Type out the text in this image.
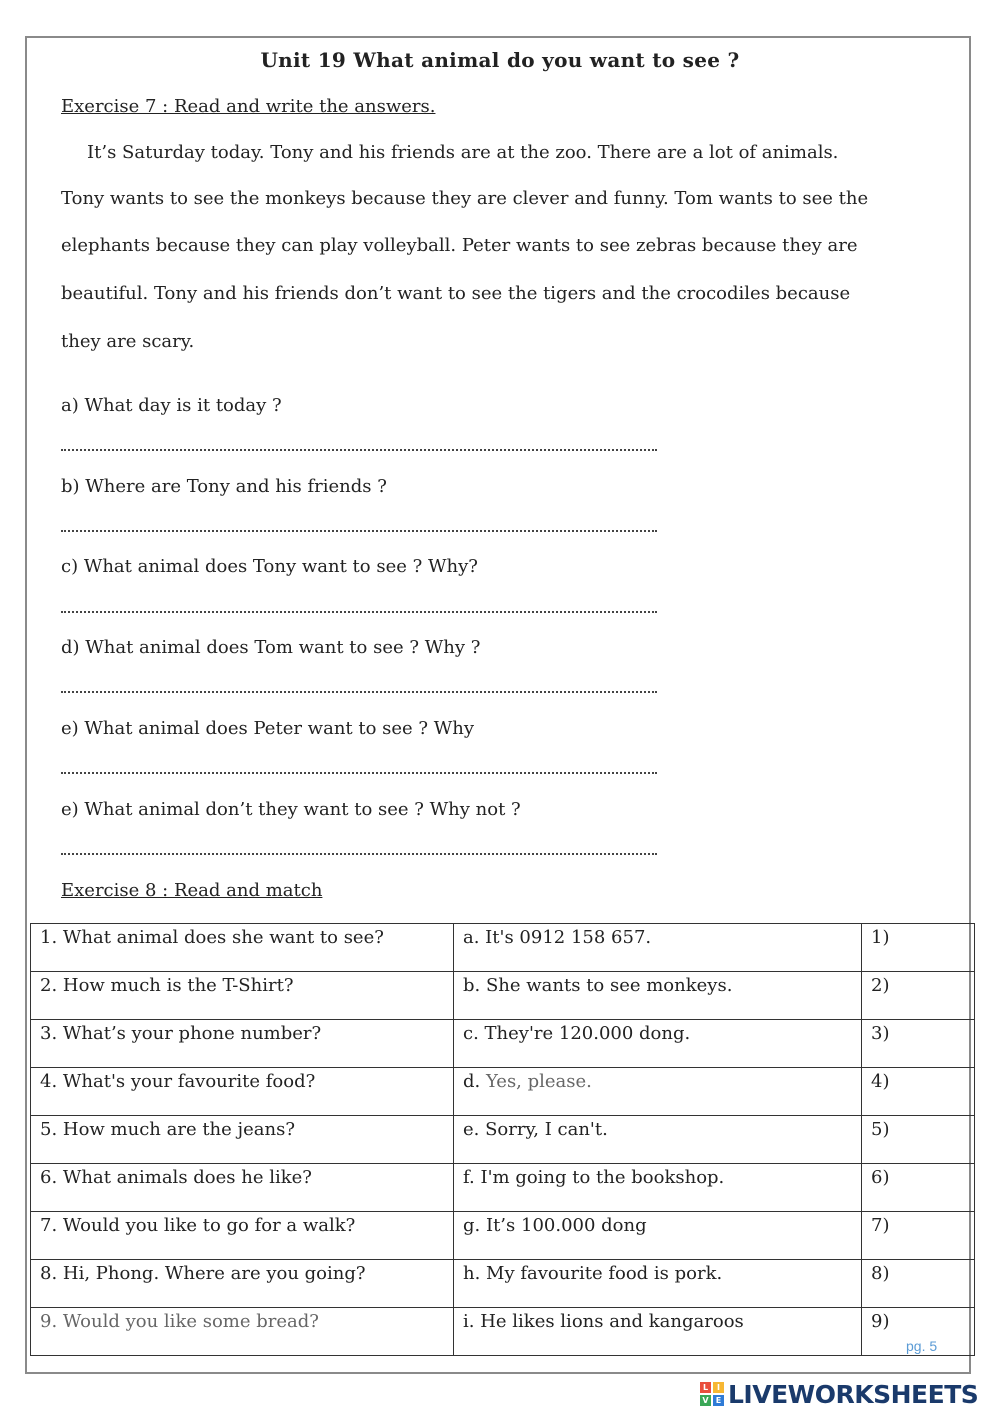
Unit 19 What animal do you want to see ?
Exercise 7 : Read and write the answers.
It’s Saturday today. Tony and his friends are at the zoo. There are a lot of animals.
Tony wants to see the monkeys because they are clever and funny. Tom wants to see the
elephants because they can play volleyball. Peter wants to see zebras because they are
beautiful. Tony and his friends don’t want to see the tigers and the crocodiles because
they are scary.
a) What day is it today ?
b) Where are Tony and his friends ?
c) What animal does Tony want to see ? Why?
d) What animal does Tom want to see ? Why ?
e) What animal does Peter want to see ? Why
e) What animal don’t they want to see ? Why not ?
Exercise 8 : Read and match
1. What animal does she want to see?	a. It's 0912 158 657.	1)
2. How much is the T-Shirt?	b. She wants to see monkeys.	2)
3. What’s your phone number?	c. They're 120.000 dong.	3)
4. What's your favourite food?	d. Yes, please.	4)
5. How much are the jeans?	e. Sorry, I can't.	5)
6. What animals does he like?	f. I'm going to the bookshop.	6)
7. Would you like to go for a walk?	g. It’s 100.000 dong	7)
8. Hi, Phong. Where are you going?	h. My favourite food is pork.	8)
9. Would you like some bread?	i. He likes lions and kangaroos	9)
pg. 5
L	I
V E LIVEWORKSHEETS
